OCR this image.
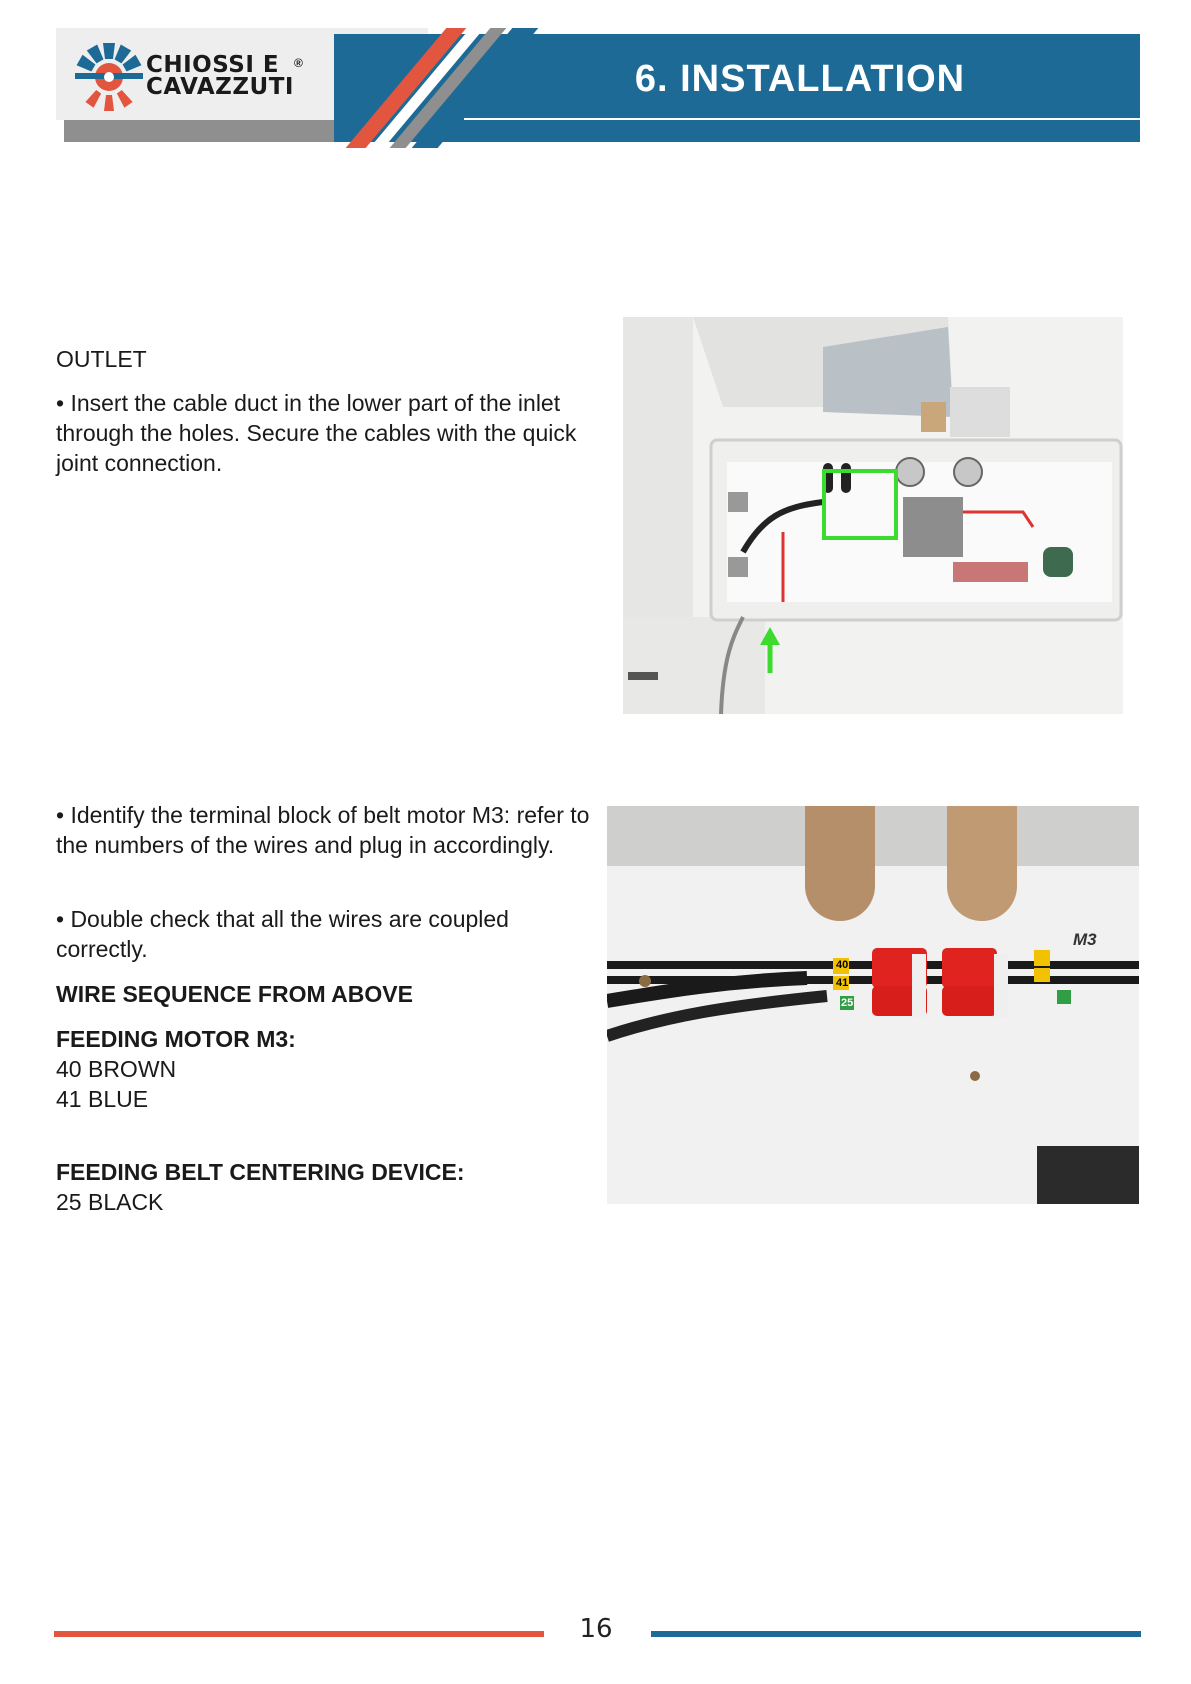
CHIOSSI E
CAVAZZUTI
®	6. INSTALLATION

OUTLET

• Insert the cable duct in the lower part of the inlet through the holes. Secure the cables with the quick joint connection.

• Identify the terminal block of belt motor M3: refer to the numbers of the wires and plug in accordingly.

• Double check that all the wires are coupled correctly.

WIRE SEQUENCE FROM ABOVE

FEEDING MOTOR M3:

40 BROWN

41 BLUE

FEEDING BELT CENTERING DEVICE:

25 BLACK

M3
40
41
25
16
